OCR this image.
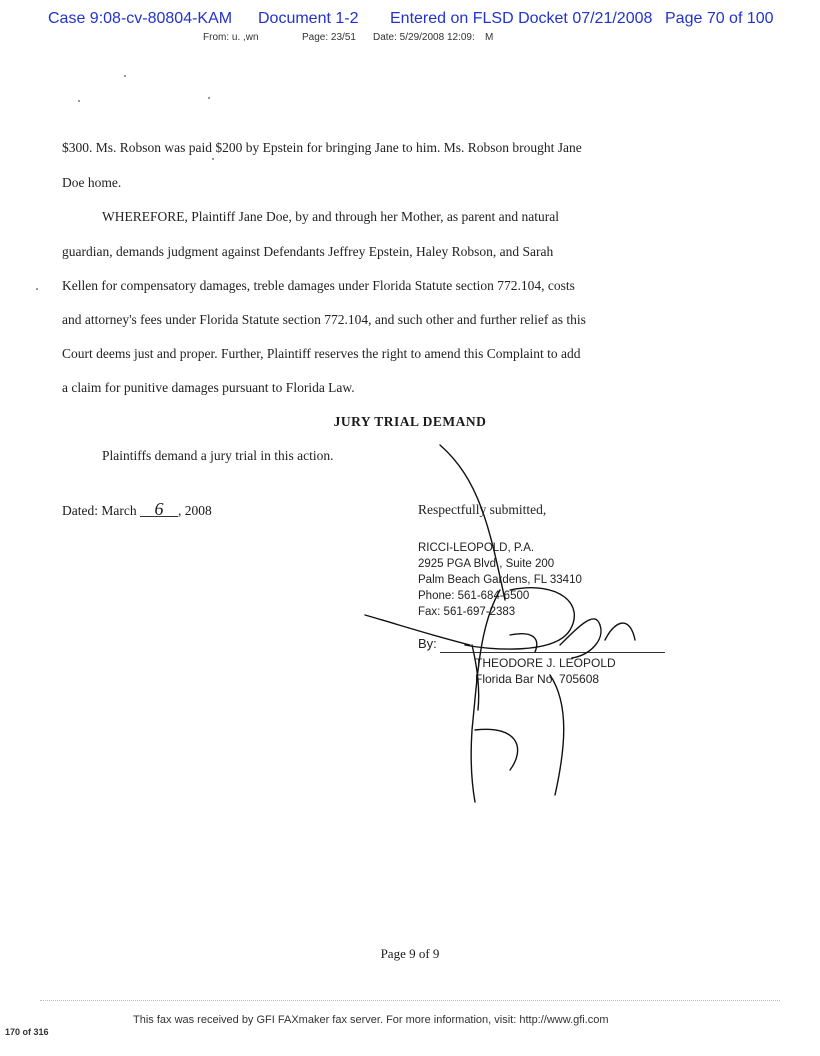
Case 9:08-cv-80804-KAM Document 1-2 Entered on FLSD Docket 07/21/2008 Page 70 of 100
From: u. ,wn	Page: 23/51 Date: 5/29/2008 12:09: M
$300. Ms. Robson was paid $200 by Epstein for bringing Jane to him. Ms. Robson brought Jane
Doe home.
WHEREFORE, Plaintiff Jane Doe, by and through her Mother, as parent and natural
guardian, demands judgment against Defendants Jeffrey Epstein, Haley Robson, and Sarah
Kellen for compensatory damages, treble damages under Florida Statute section 772.104, costs
and attorney's fees under Florida Statute section 772.104, and such other and further relief as this
Court deems just and proper. Further, Plaintiff reserves the right to amend this Complaint to add
a claim for punitive damages pursuant to Florida Law.
JURY TRIAL DEMAND
Plaintiffs demand a jury trial in this action.
Dated: March 6 , 2008	Respectfully submitted,
RICCI-LEOPOLD, P.A.
2925 PGA Blvd., Suite 200
Palm Beach Gardens, FL 33410
Phone: 561-684-6500
Fax: 561-697-2383
By:
THEODORE J. LEOPOLD
Florida Bar No. 705608
Page 9 of 9
This fax was received by GFI FAXmaker fax server. For more information, visit: http://www.gfi.com
170 of 316
